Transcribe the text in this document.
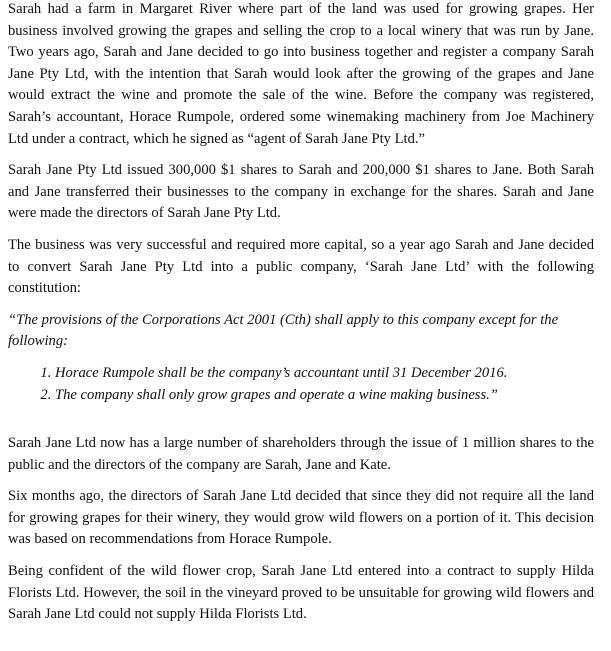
Sarah had a farm in Margaret River where part of the land was used for growing grapes. Her business involved growing the grapes and selling the crop to a local winery that was run by Jane. Two years ago, Sarah and Jane decided to go into business together and register a company Sarah Jane Pty Ltd, with the intention that Sarah would look after the growing of the grapes and Jane would extract the wine and promote the sale of the wine. Before the company was registered, Sarah’s accountant, Horace Rumpole, ordered some winemaking machinery from Joe Machinery Ltd under a contract, which he signed as “agent of Sarah Jane Pty Ltd.”

Sarah Jane Pty Ltd issued 300,000 $1 shares to Sarah and 200,000 $1 shares to Jane. Both Sarah and Jane transferred their businesses to the company in exchange for the shares. Sarah and Jane were made the directors of Sarah Jane Pty Ltd.

The business was very successful and required more capital, so a year ago Sarah and Jane decided to convert Sarah Jane Pty Ltd into a public company, ‘Sarah Jane Ltd’ with the following constitution:

“The provisions of the Corporations Act 2001 (Cth) shall apply to this company except for the following:

1. Horace Rumpole shall be the company’s accountant until 31 December 2016.
2. The company shall only grow grapes and operate a wine making business.”

Sarah Jane Ltd now has a large number of shareholders through the issue of 1 million shares to the public and the directors of the company are Sarah, Jane and Kate.

Six months ago, the directors of Sarah Jane Ltd decided that since they did not require all the land for growing grapes for their winery, they would grow wild flowers on a portion of it. This decision was based on recommendations from Horace Rumpole.

Being confident of the wild flower crop, Sarah Jane Ltd entered into a contract to supply Hilda Florists Ltd. However, the soil in the vineyard proved to be unsuitable for growing wild flowers and Sarah Jane Ltd could not supply Hilda Florists Ltd.
